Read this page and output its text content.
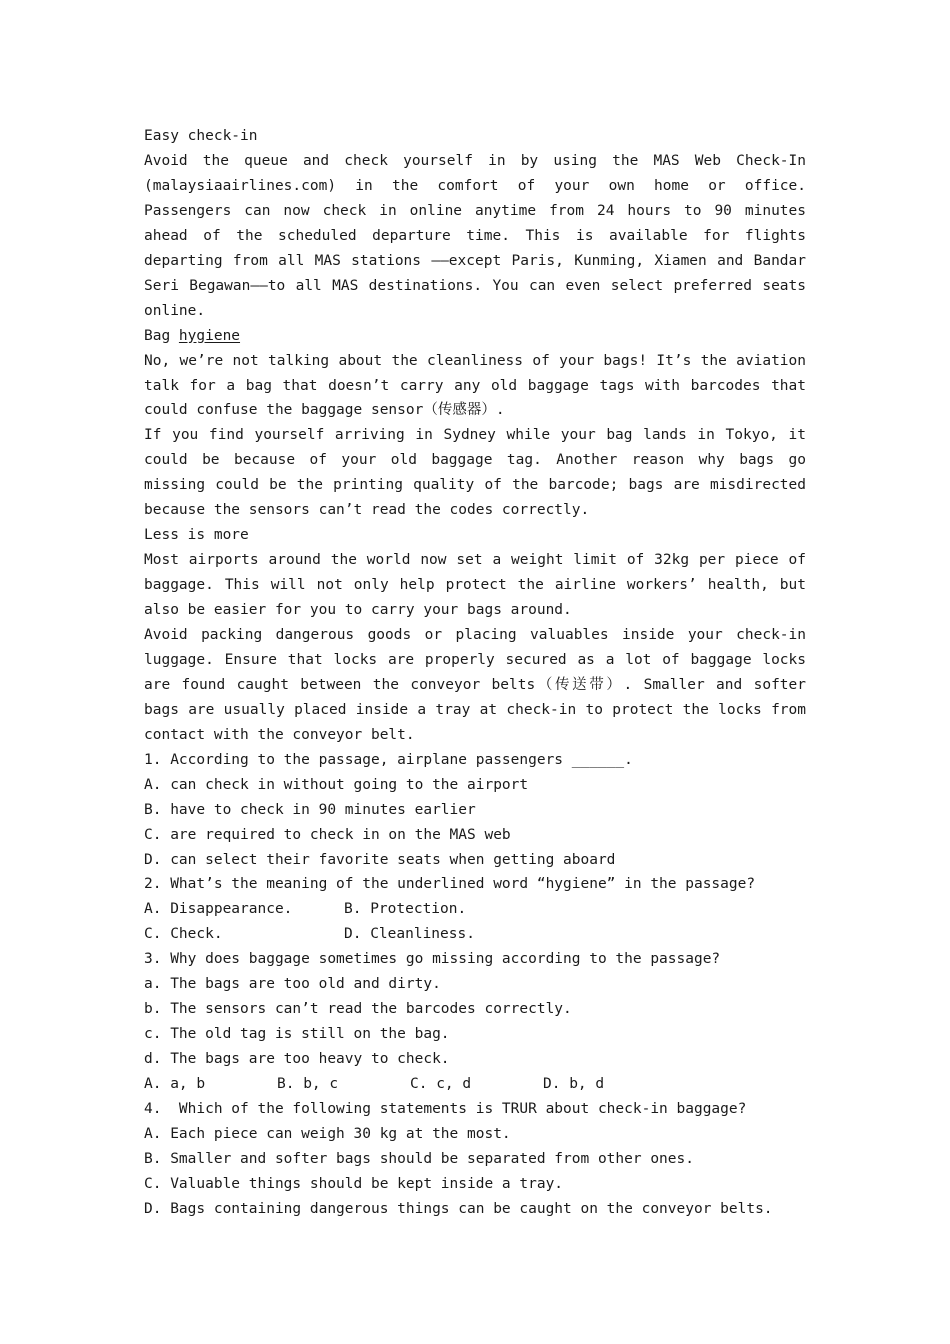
Easy check-in
Avoid the queue and check yourself in by using the MAS Web Check-In (malaysiaairlines.com) in the comfort of your own home or office. Passengers can now check in online anytime from 24 hours to 90 minutes ahead of the scheduled departure time. This is available for flights departing from all MAS stations ——except Paris, Kunming, Xiamen and Bandar Seri Begawan——to all MAS destinations. You can even select preferred seats online.
Bag hygiene
No, we’re not talking about the cleanliness of your bags! It’s the aviation talk for a bag that doesn’t carry any old baggage tags with barcodes that could confuse the baggage sensor（传感器）.
If you find yourself arriving in Sydney while your bag lands in Tokyo, it could be because of your old baggage tag. Another reason why bags go missing could be the printing quality of the barcode; bags are misdirected because the sensors can’t read the codes correctly.
Less is more
Most airports around the world now set a weight limit of 32kg per piece of baggage. This will not only help protect the airline workers’ health, but also be easier for you to carry your bags around.
Avoid packing dangerous goods or placing valuables inside your check-in luggage. Ensure that locks are properly secured as a lot of baggage locks are found caught between the conveyor belts（传送带）. Smaller and softer bags are usually placed inside a tray at check-in to protect the locks from contact with the conveyor belt.
1. According to the passage, airplane passengers ______.
A. can check in without going to the airport
B. have to check in 90 minutes earlier
C. are required to check in on the MAS web
D. can select their favorite seats when getting aboard
2. What’s the meaning of the underlined word “hygiene” in the passage?
A. Disappearance.	B. Protection.
C. Check.	D. Cleanliness.
3. Why does baggage sometimes go missing according to the passage?
a. The bags are too old and dirty.
b. The sensors can’t read the barcodes correctly.
c. The old tag is still on the bag.
d. The bags are too heavy to check.
A. a, b	B. b, c	C. c, d	D. b, d
4.  Which of the following statements is TRUR about check-in baggage?
A. Each piece can weigh 30 kg at the most.
B. Smaller and softer bags should be separated from other ones.
C. Valuable things should be kept inside a tray.
D. Bags containing dangerous things can be caught on the conveyor belts.
